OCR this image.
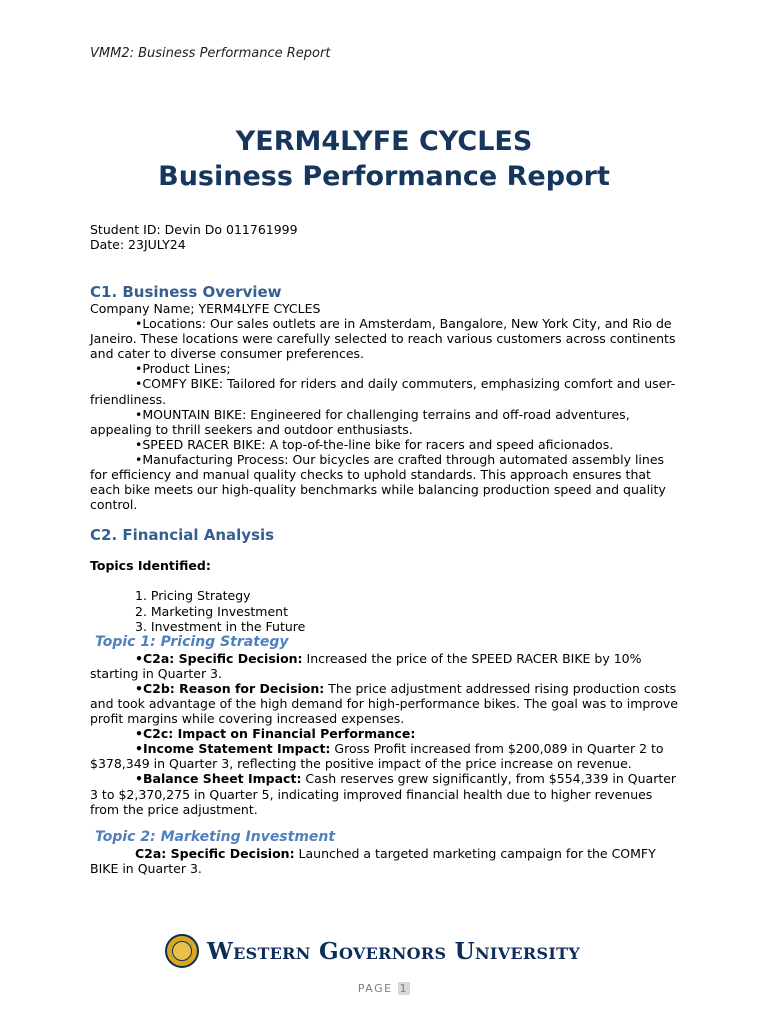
VMM2: Business Performance Report
YERM4LYFE CYCLES
Business Performance Report
Student ID: Devin Do 011761999
Date: 23JULY24
C1. Business Overview

Company Name; YERM4LYFE CYCLES

•Locations: Our sales outlets are in Amsterdam, Bangalore, New York City, and Rio de Janeiro. These locations were carefully selected to reach various customers across continents and cater to diverse consumer preferences.

•Product Lines;

•COMFY BIKE: Tailored for riders and daily commuters, emphasizing comfort and user-friendliness.

•MOUNTAIN BIKE: Engineered for challenging terrains and off-road adventures, appealing to thrill seekers and outdoor enthusiasts.

•SPEED RACER BIKE: A top-of-the-line bike for racers and speed aficionados.

•Manufacturing Process: Our bicycles are crafted through automated assembly lines for efficiency and manual quality checks to uphold standards. This approach ensures that each bike meets our high-quality benchmarks while balancing production speed and quality control.

C2. Financial Analysis

Topics Identified:

1. Pricing Strategy

2. Marketing Investment

3. Investment in the Future

Topic 1: Pricing Strategy

•C2a: Specific Decision: Increased the price of the SPEED RACER BIKE by 10% starting in Quarter 3.

•C2b: Reason for Decision: The price adjustment addressed rising production costs and took advantage of the high demand for high-performance bikes. The goal was to improve profit margins while covering increased expenses.

•C2c: Impact on Financial Performance:

•Income Statement Impact: Gross Profit increased from $200,089 in Quarter 2 to $378,349 in Quarter 3, reflecting the positive impact of the price increase on revenue.

•Balance Sheet Impact: Cash reserves grew significantly, from $554,339 in Quarter 3 to $2,370,275 in Quarter 5, indicating improved financial health due to higher revenues from the price adjustment.

Topic 2: Marketing Investment

C2a: Specific Decision: Launched a targeted marketing campaign for the COMFY BIKE in Quarter 3.

Western Governors University
PAGE 1
